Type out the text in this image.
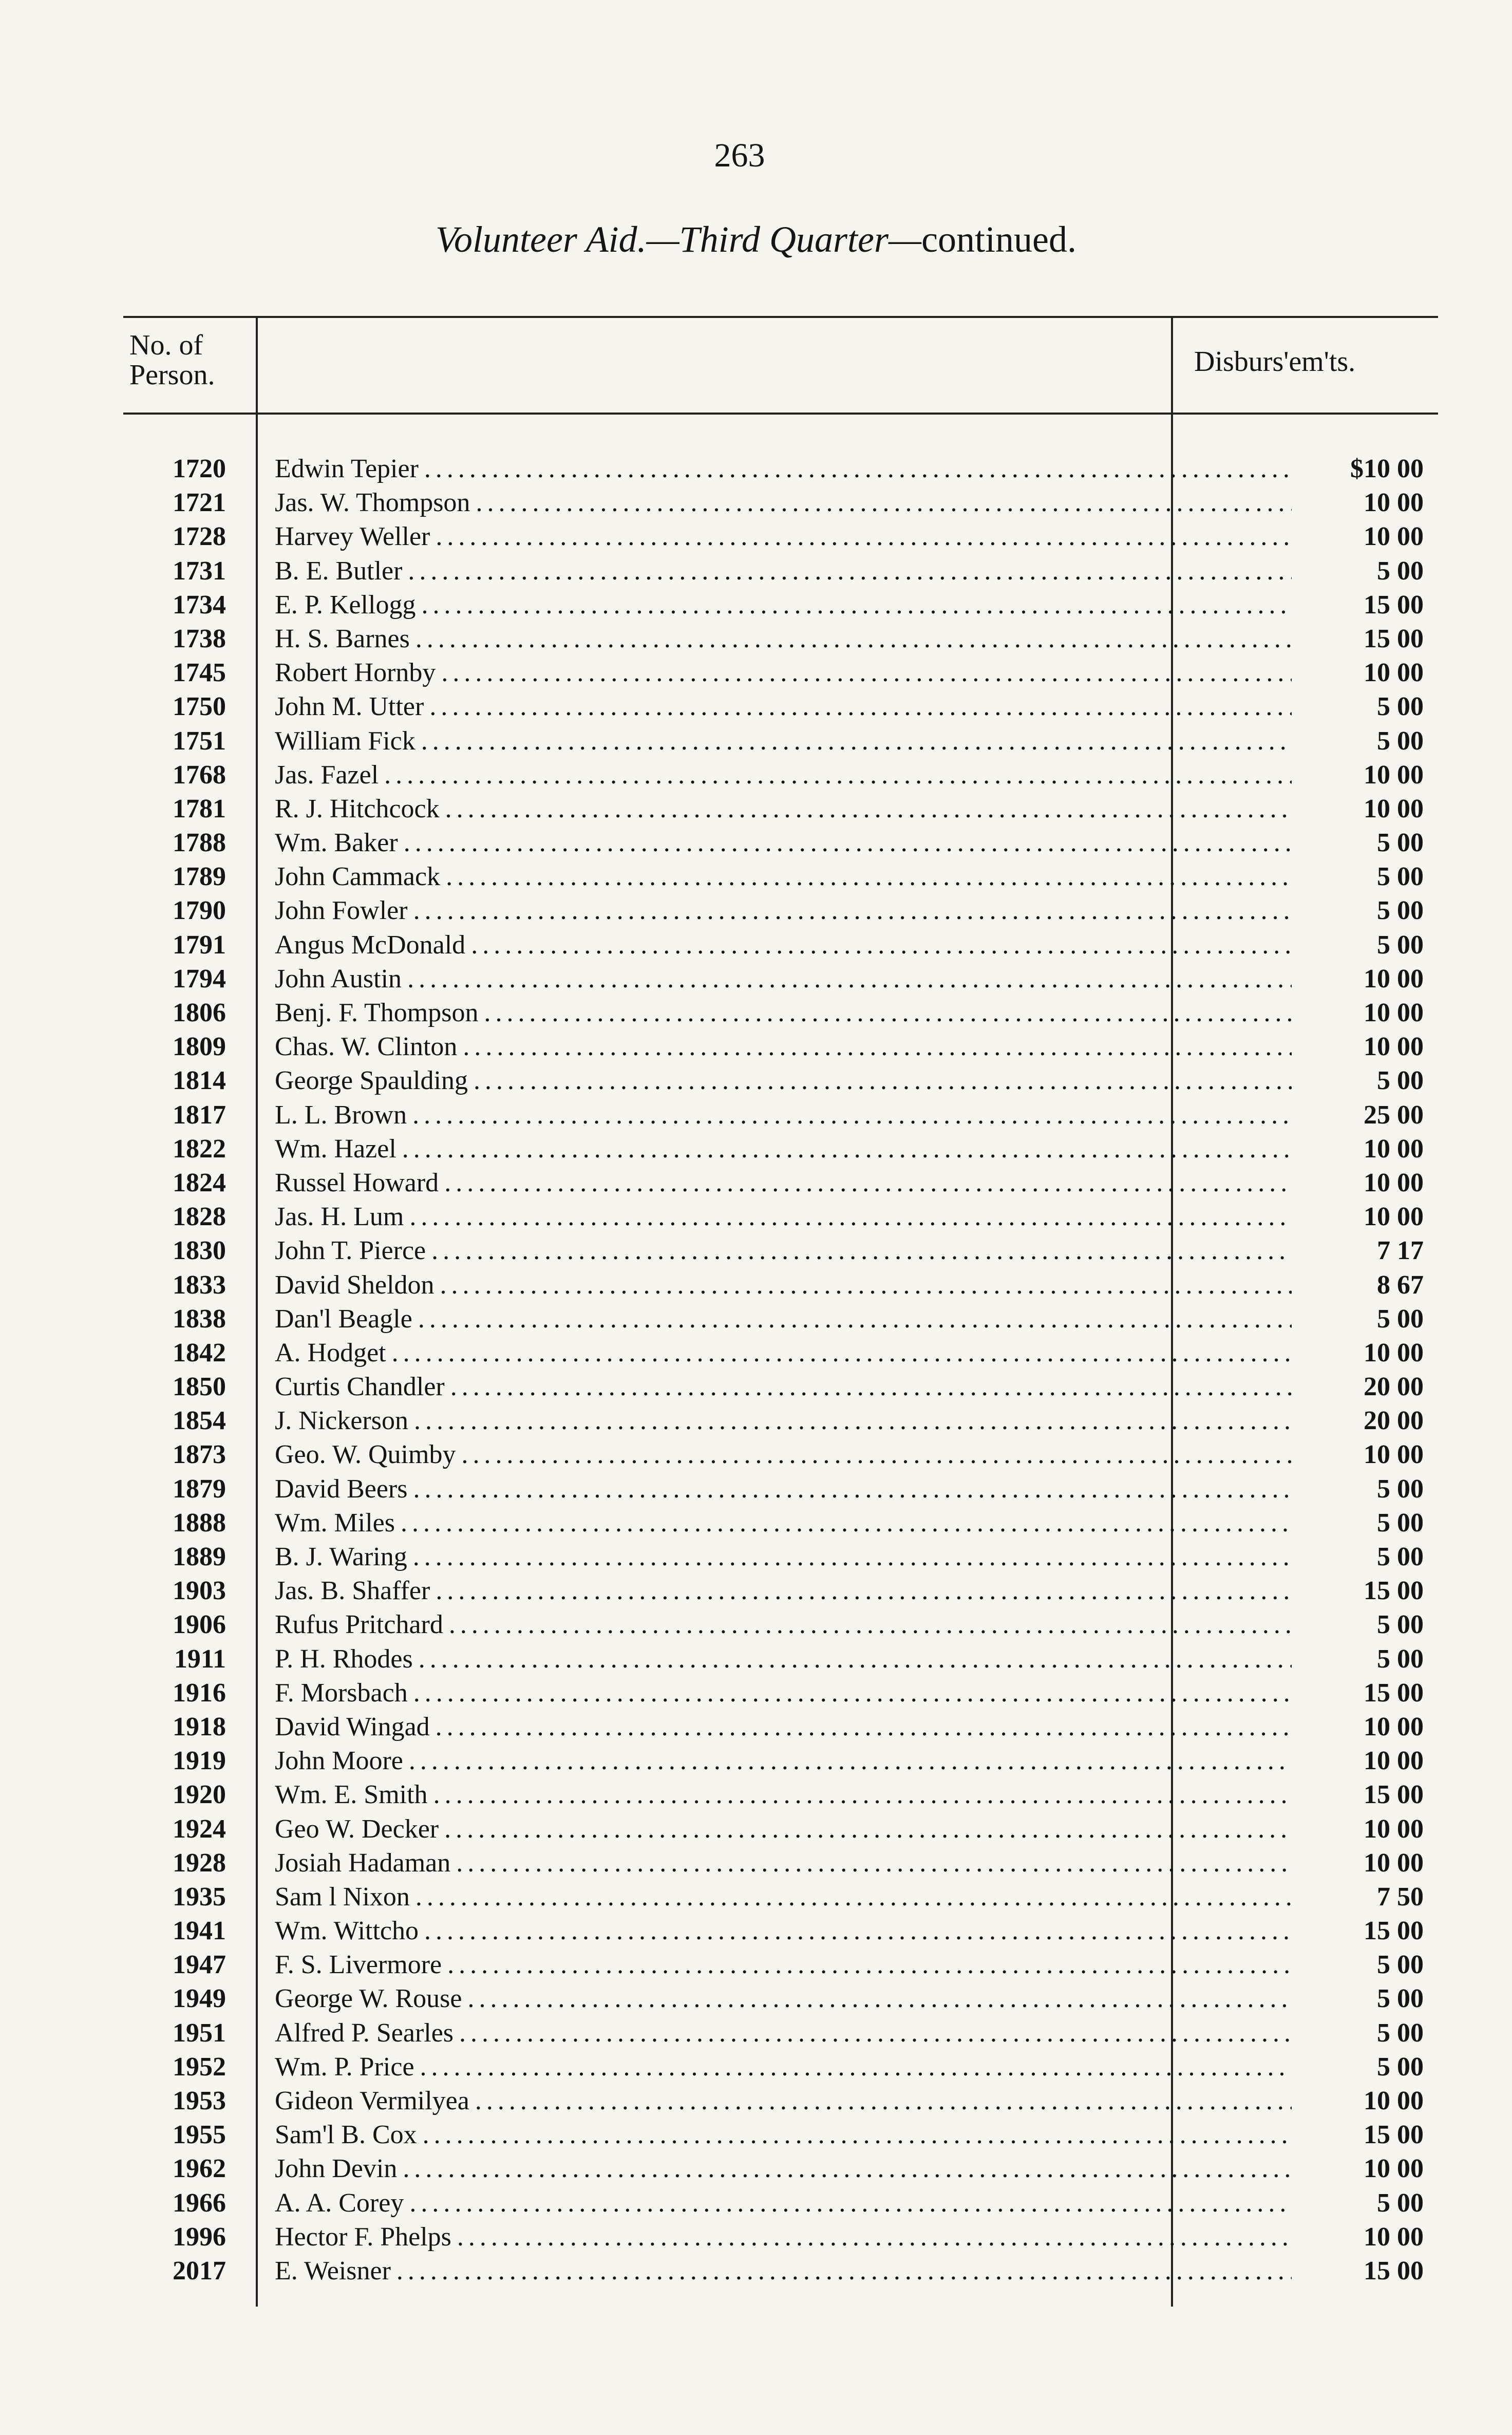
263
Volunteer Aid.—Third Quarter—continued.
No. of Person.	Disburs'em'ts.
1720 Edwin Tepier . . .	$10 00
1721 Jas. W. Thompson . . .	10 00
1728 Harvey Weller . . .	10 00
1731 B. E. Butler . . .	5 00
1734 E. P. Kellogg . . .	15 00
1738 H. S. Barnes . . .	15 00
1745 Robert Hornby . . .	10 00
1750 John M. Utter . . .	5 00
1751 William Fick . . .	5 00
1768 Jas. Fazel . . .	10 00
1781 R. J. Hitchcock . . .	10 00
1788 Wm. Baker . . .	5 00
1789 John Cammack . . .	5 00
1790 John Fowler . . .	5 00
1791 Angus McDonald . . .	5 00
1794 John Austin . . .	10 00
1806 Benj. F. Thompson . . .	10 00
1809 Chas. W. Clinton . . .	10 00
1814 George Spaulding . . .	5 00
1817 L. L. Brown . . .	25 00
1822 Wm. Hazel . . .	10 00
1824 Russel Howard . . .	10 00
1828 Jas. H. Lum . . .	10 00
1830 John T. Pierce . . .	7 17
1833 David Sheldon . . .	8 67
1838 Dan'l Beagle . . .	5 00
1842 A. Hodget . . .	10 00
1850 Curtis Chandler . . .	20 00
1854 J. Nickerson . . .	20 00
1873 Geo. W. Quimby . . .	10 00
1879 David Beers . . .	5 00
1888 Wm. Miles . . .	5 00
1889 B. J. Waring . . .	5 00
1903 Jas. B. Shaffer . . .	15 00
1906 Rufus Pritchard . . .	5 00
1911 P. H. Rhodes . . .	5 00
1916 F. Morsbach . . .	15 00
1918 David Wingad . . .	10 00
1919 John Moore . . .	10 00
1920 Wm. E. Smith . . .	15 00
1924 Geo W. Decker . . .	10 00
1928 Josiah Hadaman . . .	10 00
1935 Sam l Nixon . . .	7 50
1941 Wm. Wittcho . . .	15 00
1947 F. S. Livermore . . .	5 00
1949 George W. Rouse . . .	5 00
1951 Alfred P. Searles . . .	5 00
1952 Wm. P. Price . . .	5 00
1953 Gideon Vermilyea . . .	10 00
1955 Sam'l B. Cox . . .	15 00
1962 John Devin . . .	10 00
1966 A. A. Corey . . .	5 00
1996 Hector F. Phelps . . .	10 00
2017 E. Weisner . . .	15 00
